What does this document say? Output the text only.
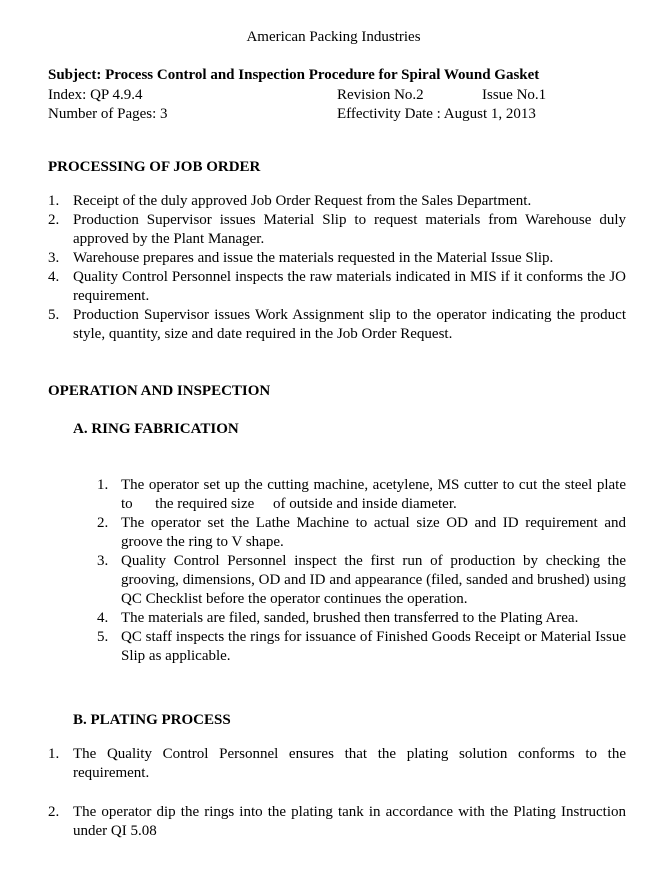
American Packing Industries
Subject: Process Control and Inspection Procedure for Spiral Wound Gasket
Index: QP 4.9.4	Revision No.2	Issue No.1
Number of Pages: 3	Effectivity Date : August 1, 2013
PROCESSING OF JOB ORDER
1. Receipt of the duly approved Job Order Request from the Sales Department.
2. Production Supervisor issues Material Slip to request materials from Warehouse duly approved by the Plant Manager.
3. Warehouse prepares and issue the materials requested in the Material Issue Slip.
4. Quality Control Personnel inspects the raw materials indicated in MIS if it conforms the JO requirement.
5. Production Supervisor issues Work Assignment slip to the operator indicating the product style, quantity, size and date required in the Job Order Request.
OPERATION AND INSPECTION
A. RING FABRICATION
1. The operator set up the cutting machine, acetylene, MS cutter to cut the steel plate to      the required size     of outside and inside diameter.
2. The operator set the Lathe Machine to actual size OD and ID requirement and groove the ring to V shape.
3. Quality Control Personnel inspect the first run of production by checking the grooving, dimensions, OD and ID and appearance (filed, sanded and brushed) using QC Checklist before the operator continues the operation.
4. The materials are filed, sanded, brushed then transferred to the Plating Area.
5. QC staff inspects the rings for issuance of Finished Goods Receipt or Material Issue Slip as applicable.
B. PLATING PROCESS
1. The Quality Control Personnel ensures that the plating solution conforms to the requirement.
2. The operator dip the rings into the plating tank in accordance with the Plating Instruction under QI 5.08
